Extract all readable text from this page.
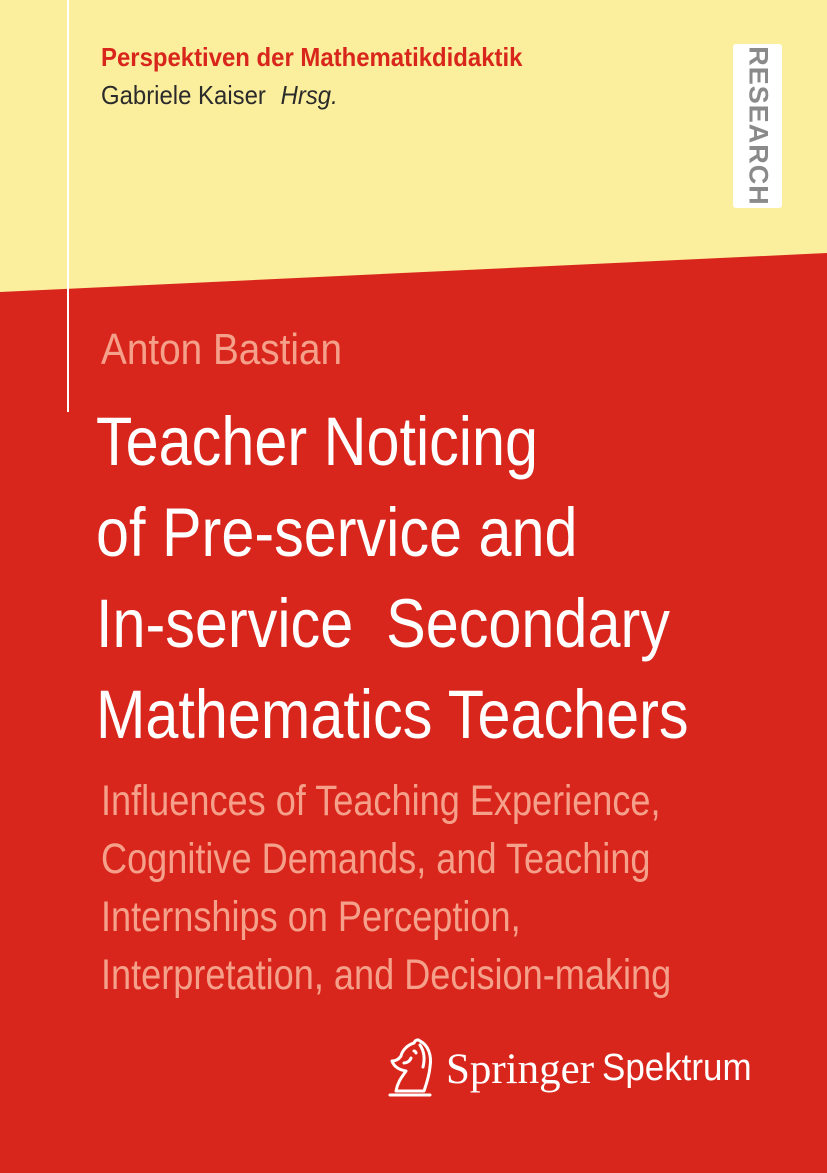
Perspektiven der Mathematikdidaktik
Gabriele Kaiser Hrsg.	RESEARCH
Anton Bastian
Teacher Noticing
of Pre-service and
In-service  Secondary
Mathematics Teachers
Influences of Teaching Experience,
Cognitive Demands, and Teaching
Internships on Perception,
Interpretation, and Decision-making
Springer Spektrum
